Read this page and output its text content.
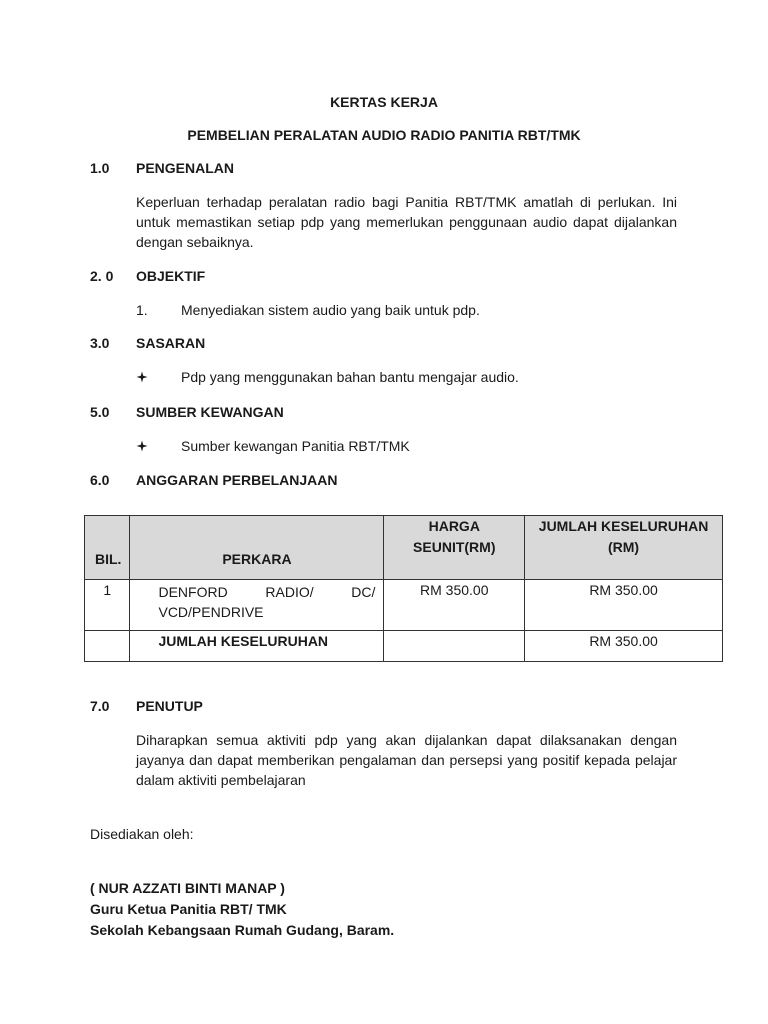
KERTAS KERJA
PEMBELIAN PERALATAN AUDIO RADIO PANITIA RBT/TMK
1.0 PENGENALAN
Keperluan terhadap peralatan radio bagi Panitia RBT/TMK amatlah di perlukan. Ini untuk memastikan setiap pdp yang memerlukan penggunaan audio dapat dijalankan dengan sebaiknya.
2. 0 OBJEKTIF
1. Menyediakan sistem audio yang baik untuk pdp.
3.0 SASARAN
Pdp yang menggunakan bahan bantu mengajar audio.
5.0 SUMBER KEWANGAN
Sumber kewangan Panitia RBT/TMK
6.0 ANGGARAN PERBELANJAAN
BIL.	PERKARA	HARGA SEUNIT(RM)	JUMLAH KESELURUHAN (RM)
1	DENFORD RADIO/ DC/ VCD/PENDRIVE	RM 350.00	RM 350.00
	JUMLAH KESELURUHAN		RM 350.00
7.0 PENUTUP
Diharapkan semua aktiviti pdp yang akan dijalankan dapat dilaksanakan dengan jayanya dan dapat memberikan pengalaman dan persepsi yang positif kepada pelajar dalam aktiviti pembelajaran
Disediakan oleh:
( NUR AZZATI BINTI MANAP )
Guru Ketua Panitia RBT/ TMK
Sekolah Kebangsaan Rumah Gudang, Baram.
